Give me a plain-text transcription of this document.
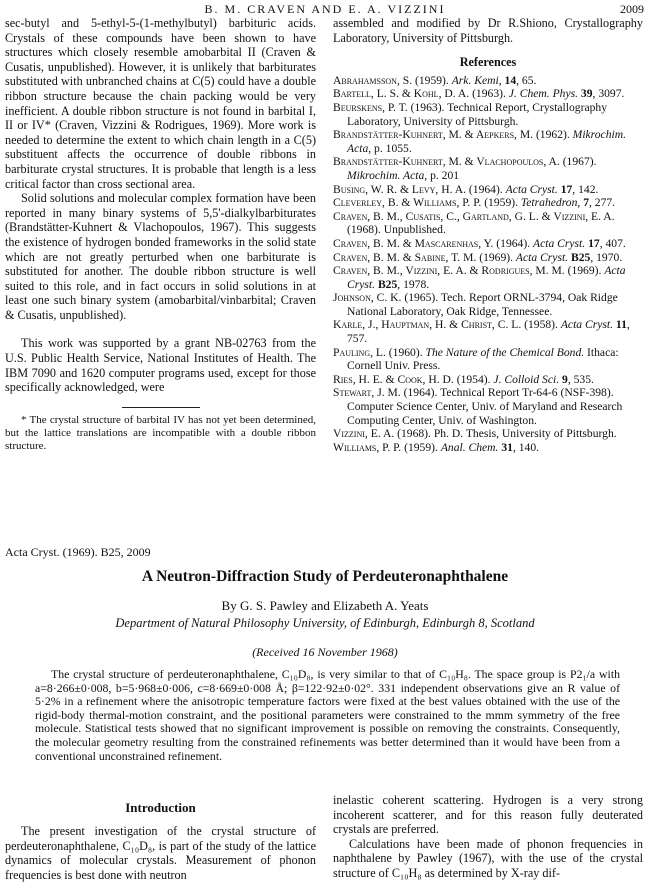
B. M. CRAVEN AND E. A. VIZZINI	2009

sec-butyl and 5-ethyl-5-(1-methylbutyl) barbituric acids. Crystals of these compounds have been shown to have structures which closely resemble amobarbital II (Craven & Cusatis, unpublished). However, it is unlikely that barbiturates substituted with unbranched chains at C(5) could have a double ribbon structure because the chain packing would be very inefficient. A double ribbon structure is not found in barbital I, II or IV* (Craven, Vizzini & Rodrigues, 1969). More work is needed to determine the extent to which chain length in a C(5) substituent affects the occurrence of double ribbons in barbiturate crystal structures. It is probable that length is a less critical factor than cross sectional area.

Solid solutions and molecular complex formation have been reported in many binary systems of 5,5'-dialkylbarbiturates (Brandstätter-Kuhnert & Vlachopoulos, 1967). This suggests the existence of hydrogen bonded frameworks in the solid state which are not greatly perturbed when one barbiturate is substituted for another. The double ribbon structure is well suited to this role, and in fact occurs in solid solutions in at least one such binary system (amobarbital/vinbarbital; Craven & Cusatis, unpublished).

This work was supported by a grant NB-02763 from the U.S. Public Health Service, National Institutes of Health. The IBM 7090 and 1620 computer programs used, except for those specifically acknowledged, were

* The crystal structure of barbital IV has not yet been determined, but the lattice translations are incompatible with a double ribbon structure.

assembled and modified by Dr R.Shiono, Crystallography Laboratory, University of Pittsburgh.

References
Abrahamsson, S. (1959). Ark. Kemi, 14, 65.
Bartell, L. S. & Kohl, D. A. (1963). J. Chem. Phys. 39, 3097.
Beurskens, P. T. (1963). Technical Report, Crystallography Laboratory, University of Pittsburgh.
Brandstätter-Kuhnert, M. & Aepkers, M. (1962). Mikrochim. Acta, p. 1055.
Brandstätter-Kuhnert, M. & Vlachopoulos, A. (1967). Mikrochim. Acta, p. 201
Busing, W. R. & Levy, H. A. (1964). Acta Cryst. 17, 142.
Cleverley, B. & Williams, P. P. (1959). Tetrahedron, 7, 277.
Craven, B. M., Cusatis, C., Gartland, G. L. & Vizzini, E. A. (1968). Unpublished.
Craven, B. M. & Mascarenhas, Y. (1964). Acta Cryst. 17, 407.
Craven, B. M. & Sabine, T. M. (1969). Acta Cryst. B25, 1970.
Craven, B. M., Vizzini, E. A. & Rodrigues, M. M. (1969). Acta Cryst. B25, 1978.
Johnson, C. K. (1965). Tech. Report ORNL-3794, Oak Ridge National Laboratory, Oak Ridge, Tennessee.
Karle, J., Hauptman, H. & Christ, C. L. (1958). Acta Cryst. 11, 757.
Pauling, L. (1960). The Nature of the Chemical Bond. Ithaca: Cornell Univ. Press.
Ries, H. E. & Cook, H. D. (1954). J. Colloid Sci. 9, 535.
Stewart, J. M. (1964). Technical Report Tr-64-6 (NSF-398). Computer Science Center, Univ. of Maryland and Research Computing Center, Univ. of Washington.
Vizzini, E. A. (1968). Ph. D. Thesis, University of Pittsburgh.
Williams, P. P. (1959). Anal. Chem. 31, 140.
Acta Cryst. (1969). B25, 2009
A Neutron-Diffraction Study of Perdeuteronaphthalene
By G. S. Pawley and Elizabeth A. Yeats
Department of Natural Philosophy University, of Edinburgh, Edinburgh 8, Scotland
(Received 16 November 1968)
The crystal structure of perdeuteronaphthalene, C₁₀D₈, is very similar to that of C₁₀H₈. The space group is P2₁/a with a=8·266±0·008, b=5·968±0·006, c=8·669±0·008 Å; β=122·92±0·02°. 331 independent observations give an R value of 5·2% in a refinement where the anisotropic temperature factors were fixed at the best values obtained with the use of the rigid-body thermal-motion constraint, and the positional parameters were constrained to the mmm symmetry of the free molecule. Statistical tests showed that no significant improvement is possible on removing the constraints. Consequently, the molecular geometry resulting from the constrained refinements was better determined than it would have been from a conventional unconstrained refinement.
Introduction

The present investigation of the crystal structure of perdeuteronaphthalene, C₁₀D₈, is part of the study of the lattice dynamics of molecular crystals. Measurement of phonon frequencies is best done with neutron

inelastic coherent scattering. Hydrogen is a very strong incoherent scatterer, and for this reason fully deuterated crystals are preferred.

Calculations have been made of phonon frequencies in naphthalene by Pawley (1967), with the use of the crystal structure of C₁₀H₈ as determined by X-ray dif-
